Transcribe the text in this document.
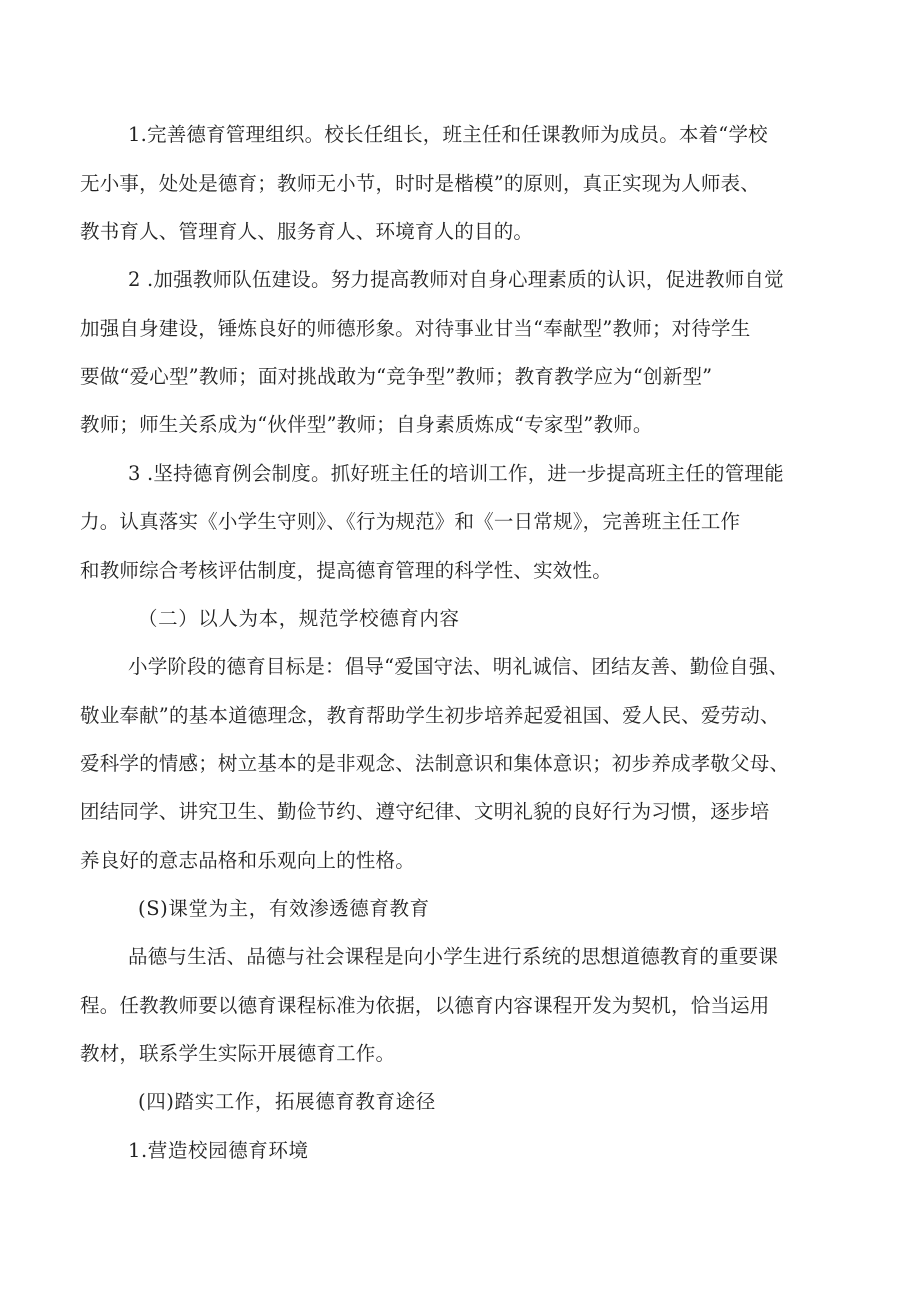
1.完善德育管理组织。校长任组长，班主任和任课教师为成员。本着“学校
无小事，处处是德育；教师无小节，时时是楷模”的原则，真正实现为人师表、
教书育人、管理育人、服务育人、环境育人的目的。
2 .加强教师队伍建设。努力提高教师对自身心理素质的认识，促进教师自觉
加强自身建设，锤炼良好的师德形象。对待事业甘当“奉献型”教师；对待学生
要做“爱心型”教师；面对挑战敢为“竞争型”教师；教育教学应为“创新型”
教师；师生关系成为“伙伴型”教师；自身素质炼成“专家型”教师。
3 .坚持德育例会制度。抓好班主任的培训工作，进一步提高班主任的管理能
力。认真落实《小学生守则》、《行为规范》和《一日常规》，完善班主任工作
和教师综合考核评估制度，提高德育管理的科学性、实效性。
（二）以人为本，规范学校德育内容
小学阶段的德育目标是：倡导“爱国守法、明礼诚信、团结友善、勤俭自强、
敬业奉献”的基本道德理念，教育帮助学生初步培养起爱祖国、爱人民、爱劳动、
爱科学的情感；树立基本的是非观念、法制意识和集体意识；初步养成孝敬父母、
团结同学、讲究卫生、勤俭节约、遵守纪律、文明礼貌的良好行为习惯，逐步培
养良好的意志品格和乐观向上的性格。
(S)课堂为主，有效渗透德育教育
品德与生活、品德与社会课程是向小学生进行系统的思想道德教育的重要课
程。任教教师要以德育课程标准为依据，以德育内容课程开发为契机，恰当运用
教材，联系学生实际开展德育工作。
(四)踏实工作，拓展德育教育途径
1.营造校园德育环境
